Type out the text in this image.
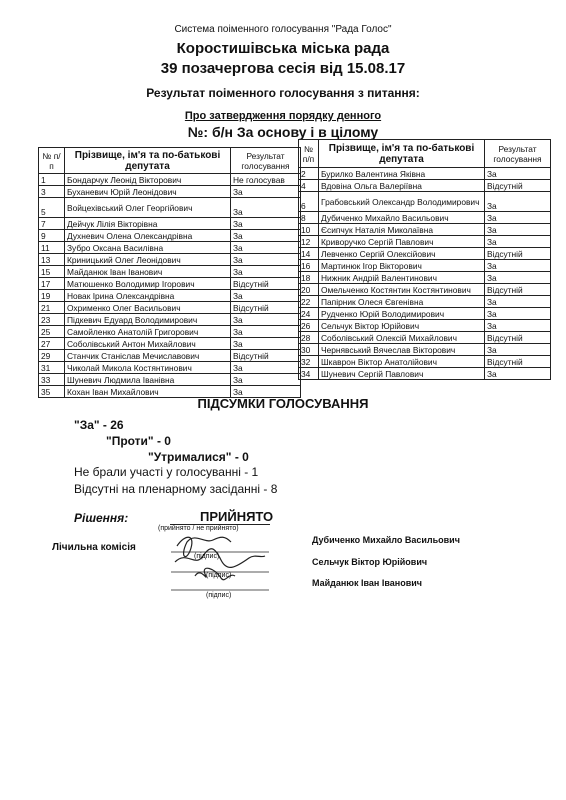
Система поіменного голосування "Рада Голос"
Коростишівська міська рада
39 позачергова сесія від 15.08.17
Результат поіменного голосування з питання:
Про затвердження порядку денного
№: б/н За основу і в цілому
№ п/п	Прізвище, ім'я та по-батькові депутата	Результат голосування
1	Бондарчук Леонід Вікторович	Не голосував
3	Буханевич Юрій Леонідович	За
5	Войцехівський Олег Георгійович	За
7	Дейчук Лілія Вікторівна	За
9	Духневич Олена Олександрівна	За
11	Зубро Оксана Василівна	За
13	Криницький Олег Леонідович	За
15	Майданюк Іван Іванович	За
17	Матюшенко Володимир Ігорович	Відсутній
19	Новак Ірина Олександрівна	За
21	Охрименко Олег Васильович	Відсутній
23	Підкевич Едуард Володимирович	За
25	Самойленко Анатолій Григорович	За
27	Соболівський Антон Михайлович	За
29	Станчик Станіслав Мечиславович	Відсутній
31	Чиколай Микола Костянтинович	За
33	Шуневич Людмила Іванівна	За
35	Кохан Іван Михайлович	За
№ п/п	Прізвище, ім'я та по-батькові депутата	Результат голосування
2	Бурилко Валентина Яківна	За
4	Вдовіна Ольга Валеріївна	Відсутній
6	Грабовський Олександр Володимирович	За
8	Дубиченко Михайло Васильович	За
10	Єсипчук Наталія Миколаївна	За
12	Криворучко Сергій Павлович	За
14	Левченко Сергій Олексійович	Відсутній
16	Мартинюк Ігор Вікторович	За
18	Нижник Андрій Валентинович	За
20	Омельченко Костянтин Костянтинович	Відсутній
22	Папірник Олеся Євгенівна	За
24	Рудченко Юрій Володимирович	За
26	Сельчук Віктор Юрійович	За
28	Соболівський Олексій Михайлович	Відсутній
30	Чернявський Вячеслав Вікторович	За
32	Шкаврон Віктор Анатолійович	Відсутній
34	Шуневич Сергій Павлович	За
ПІДСУМКИ ГОЛОСУВАННЯ
"За" - 26
"Проти" - 0
"Утрималися" - 0
Не брали участі у голосуванні - 1
Відсутні на пленарному засіданні - 8
Рішення:	ПРИЙНЯТО
(прийнято / не прийнято)
Лічильна комісія
(підпис)
(підпис)
(підпис)
Дубиченко Михайло Васильович
Сельчук Віктор Юрійович
Майданюк Іван Іванович
